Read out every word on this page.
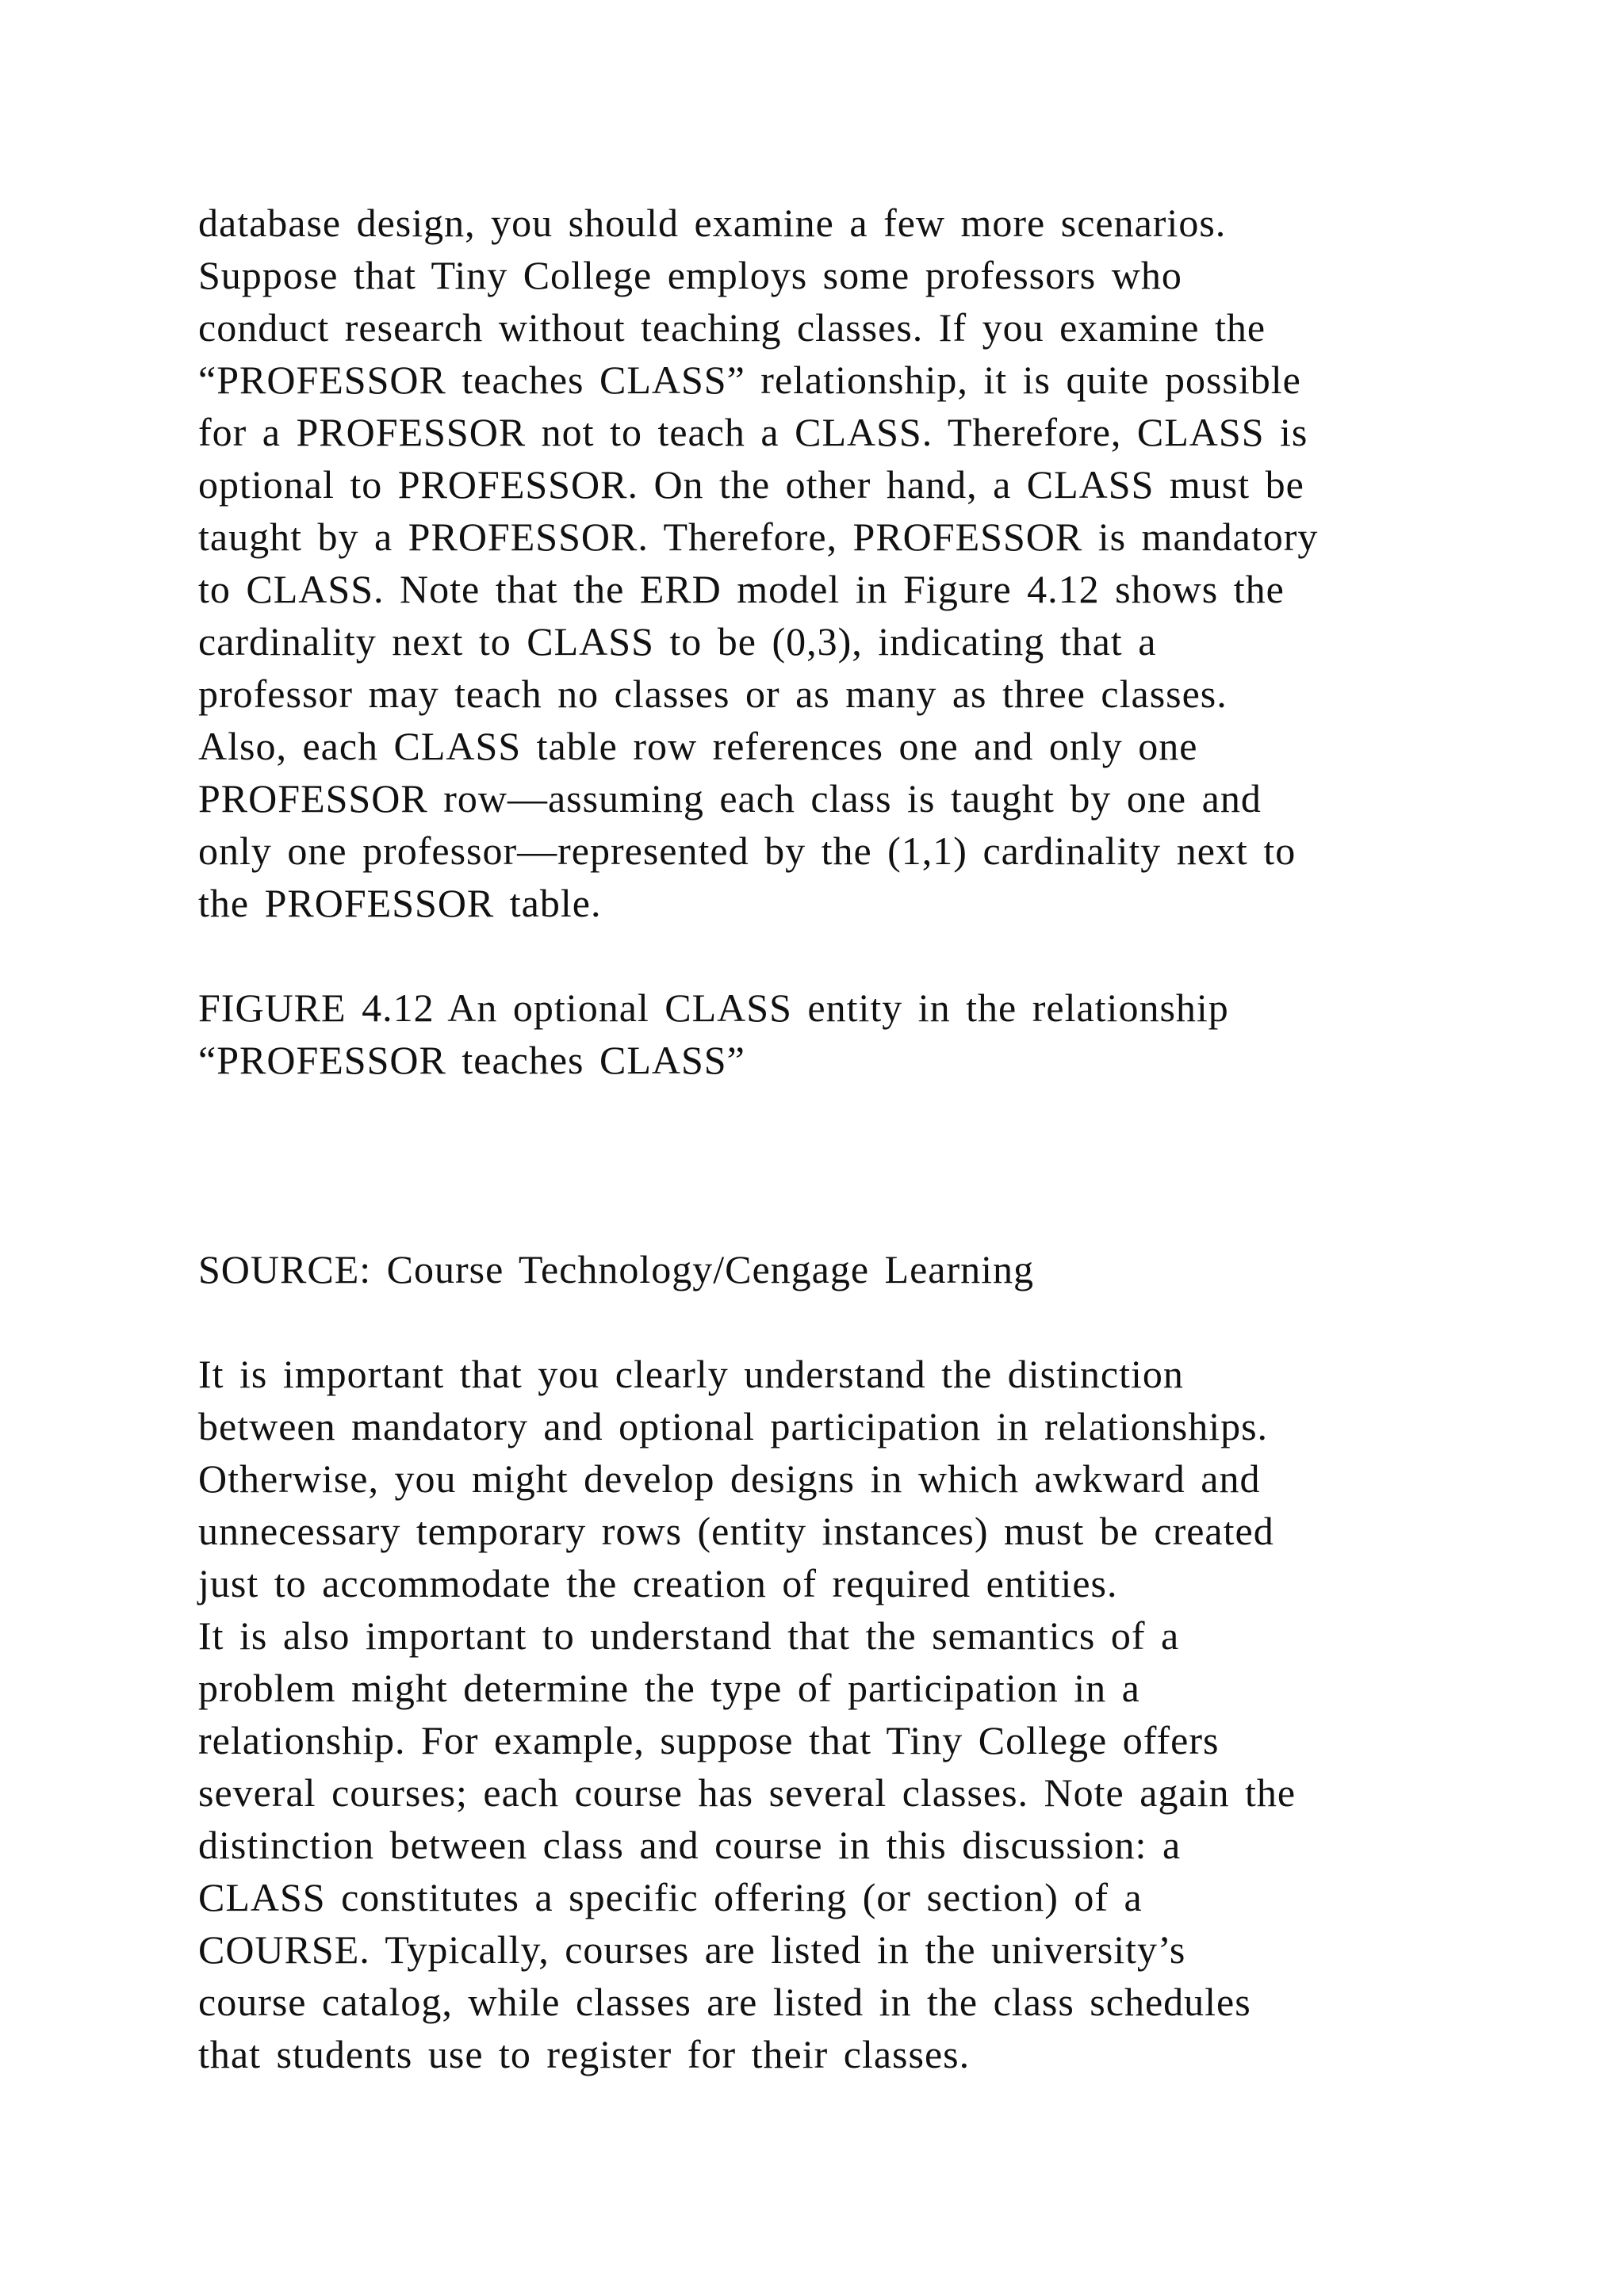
database design, you should examine a few more scenarios.
Suppose that Tiny College employs some professors who
conduct research without teaching classes. If you examine the
“PROFESSOR teaches CLASS” relationship, it is quite possible
for a PROFESSOR not to teach a CLASS. Therefore, CLASS is
optional to PROFESSOR. On the other hand, a CLASS must be
taught by a PROFESSOR. Therefore, PROFESSOR is mandatory
to CLASS. Note that the ERD model in Figure 4.12 shows the
cardinality next to CLASS to be (0,3), indicating that a
professor may teach no classes or as many as three classes.
Also, each CLASS table row references one and only one
PROFESSOR row—assuming each class is taught by one and
only one professor—represented by the (1,1) cardinality next to
the PROFESSOR table.
FIGURE 4.12 An optional CLASS entity in the relationship
“PROFESSOR teaches CLASS”
SOURCE: Course Technology/Cengage Learning
It is important that you clearly understand the distinction
between mandatory and optional participation in relationships.
Otherwise, you might develop designs in which awkward and
unnecessary temporary rows (entity instances) must be created
just to accommodate the creation of required entities.
It is also important to understand that the semantics of a
problem might determine the type of participation in a
relationship. For example, suppose that Tiny College offers
several courses; each course has several classes. Note again the
distinction between class and course in this discussion: a
CLASS constitutes a specific offering (or section) of a
COURSE. Typically, courses are listed in the university’s
course catalog, while classes are listed in the class schedules
that students use to register for their classes.
